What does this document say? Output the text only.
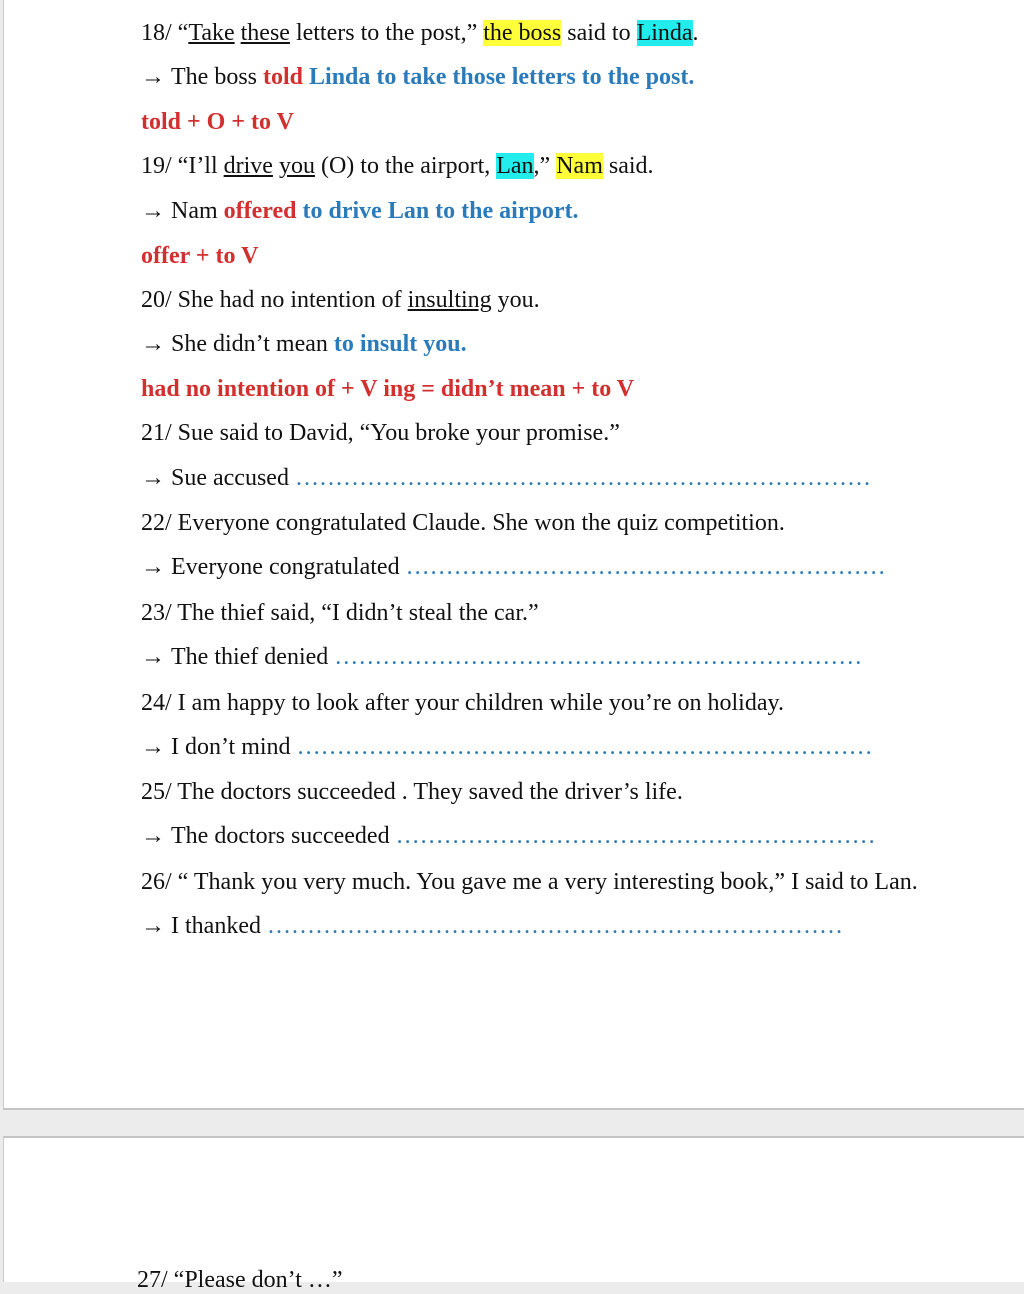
18/ “Take these letters to the post,” the boss said to Linda.
→ The boss told Linda to take those letters to the post.
told + O + to V
19/ “I’ll drive you (O) to the airport, Lan,” Nam said.
→ Nam offered to drive Lan to the airport.
offer + to V
20/ She had no intention of insulting you.
→ She didn’t mean to insult you.
had no intention of + V ing = didn’t mean + to V
21/ Sue said to David, “You broke your promise.”
→ Sue accused ………………………………………………………………
22/ Everyone congratulated Claude. She won the quiz competition.
→ Everyone congratulated ……………………………………………………
23/ The thief said, “I didn’t steal the car.”
→ The thief denied …………………………………………………………
24/ I am happy to look after your children while you’re on holiday.
→ I don’t mind ………………………………………………………………
25/ The doctors succeeded . They saved the driver’s life.
→ The doctors succeeded ……………………………………………………
26/ “ Thank you very much. You gave me a very interesting book,” I said to Lan.
→ I thanked ………………………………………………………………
27/ “Please don’t …”
